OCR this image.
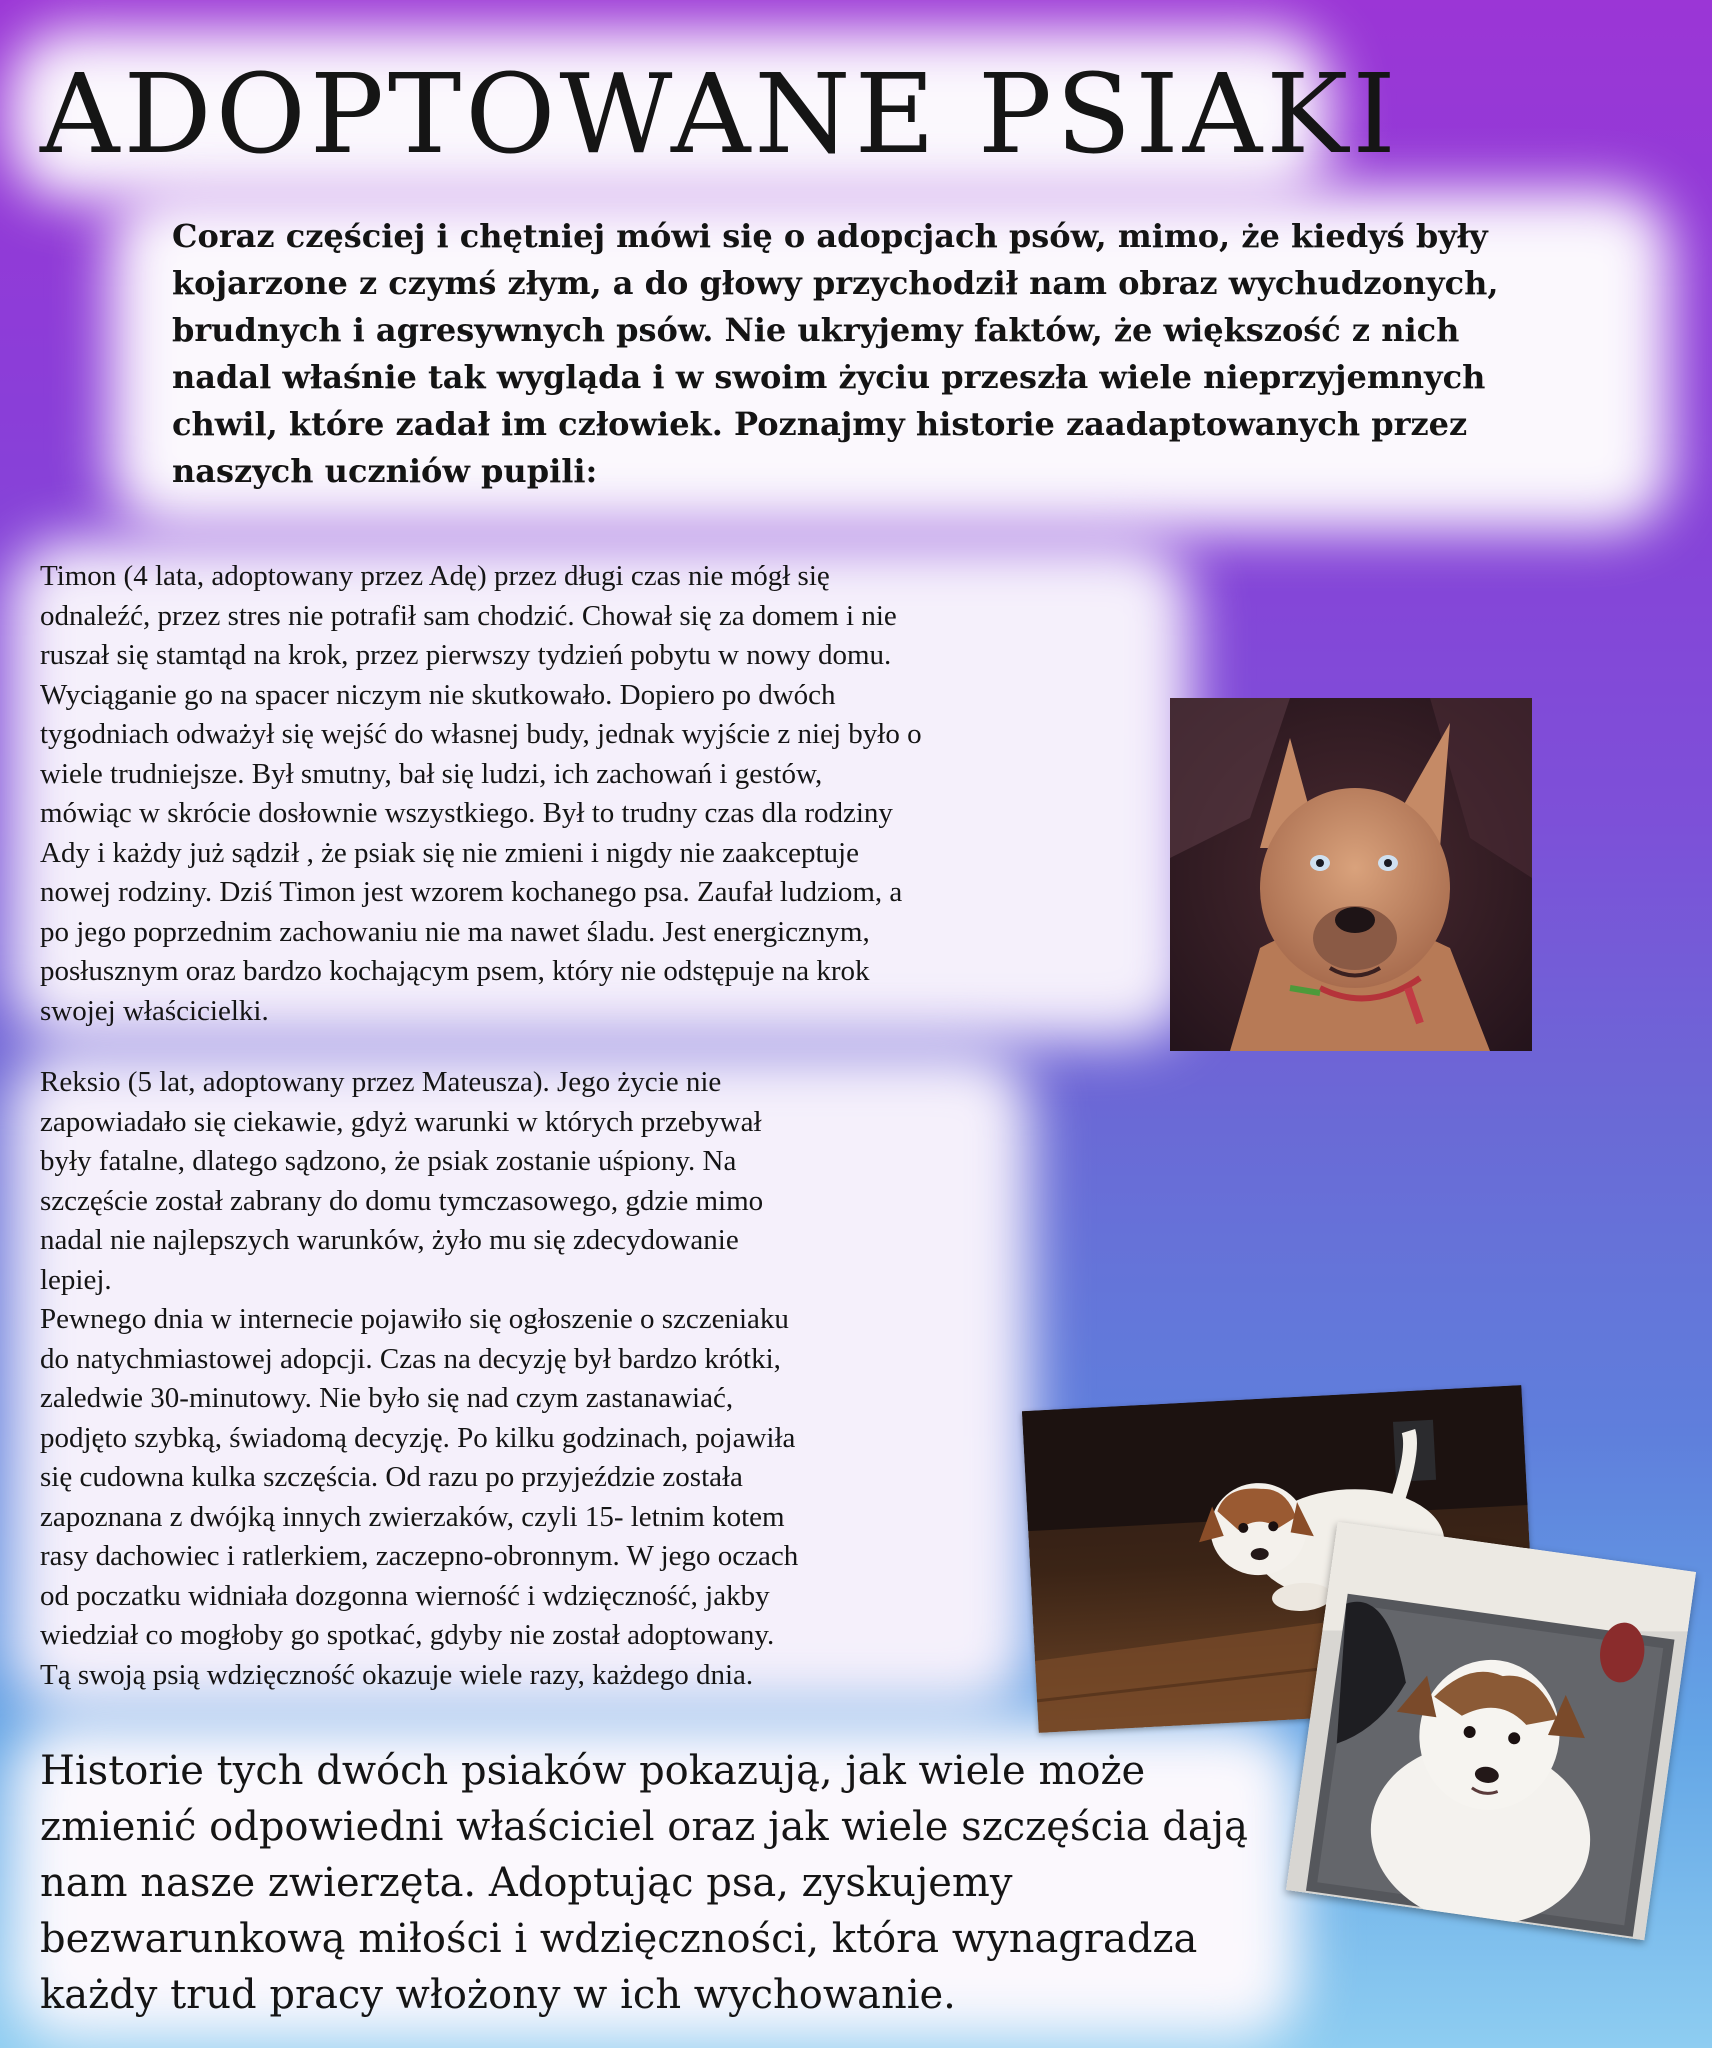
ADOPTOWANE PSIAKI

Coraz częściej i chętniej mówi się o adopcjach psów, mimo, że kiedyś były kojarzone z czymś złym, a do głowy przychodził nam obraz wychudzonych, brudnych i agresywnych psów. Nie ukryjemy faktów, że większość z nich nadal właśnie tak wygląda i w swoim życiu przeszła wiele nieprzyjemnych chwil, które zadał im człowiek. Poznajmy historie zaadaptowanych przez naszych uczniów pupili:

Timon (4 lata, adoptowany przez Adę) przez długi czas nie mógł się
odnaleźć, przez stres nie potrafił sam chodzić. Chował się za domem i nie
ruszał się stamtąd na krok, przez pierwszy tydzień pobytu w nowy domu.
Wyciąganie go na spacer niczym nie skutkowało. Dopiero po dwóch
tygodniach odważył się wejść do własnej budy, jednak wyjście z niej było o
wiele trudniejsze. Był smutny, bał się ludzi, ich zachowań i gestów,
mówiąc w skrócie dosłownie wszystkiego. Był to trudny czas dla rodziny
Ady i każdy już sądził , że psiak się nie zmieni i nigdy nie zaakceptuje
nowej rodziny. Dziś Timon jest wzorem kochanego psa. Zaufał ludziom, a
po jego poprzednim zachowaniu nie ma nawet śladu. Jest energicznym,
posłusznym oraz bardzo kochającym psem, który nie odstępuje na krok
swojej właścicielki.

Reksio (5 lat, adoptowany przez Mateusza). Jego życie nie
zapowiadało się ciekawie, gdyż warunki w których przebywał
były fatalne, dlatego sądzono, że psiak zostanie uśpiony. Na
szczęście został zabrany do domu tymczasowego, gdzie mimo
nadal nie najlepszych warunków, żyło mu się zdecydowanie
lepiej.
Pewnego dnia w internecie pojawiło się ogłoszenie o szczeniaku
do natychmiastowej adopcji. Czas na decyzję był bardzo krótki,
zaledwie 30-minutowy. Nie było się nad czym zastanawiać,
podjęto szybką, świadomą decyzję. Po kilku godzinach, pojawiła
się cudowna kulka szczęścia. Od razu po przyjeździe została
zapoznana z dwójką innych zwierzaków, czyli 15- letnim kotem
rasy dachowiec i ratlerkiem, zaczepno-obronnym. W jego oczach
od poczatku widniała dozgonna wierność i wdzięczność, jakby
wiedział co mogłoby go spotkać, gdyby nie został adoptowany.
Tą swoją psią wdzięczność okazuje wiele razy, każdego dnia.

Historie tych dwóch psiaków pokazują, jak wiele może zmienić odpowiedni właściciel oraz jak wiele szczęścia dają nam nasze zwierzęta. Adoptując psa, zyskujemy bezwarunkową miłości i wdzięczności, która wynagradza każdy trud pracy włożony w ich wychowanie.
